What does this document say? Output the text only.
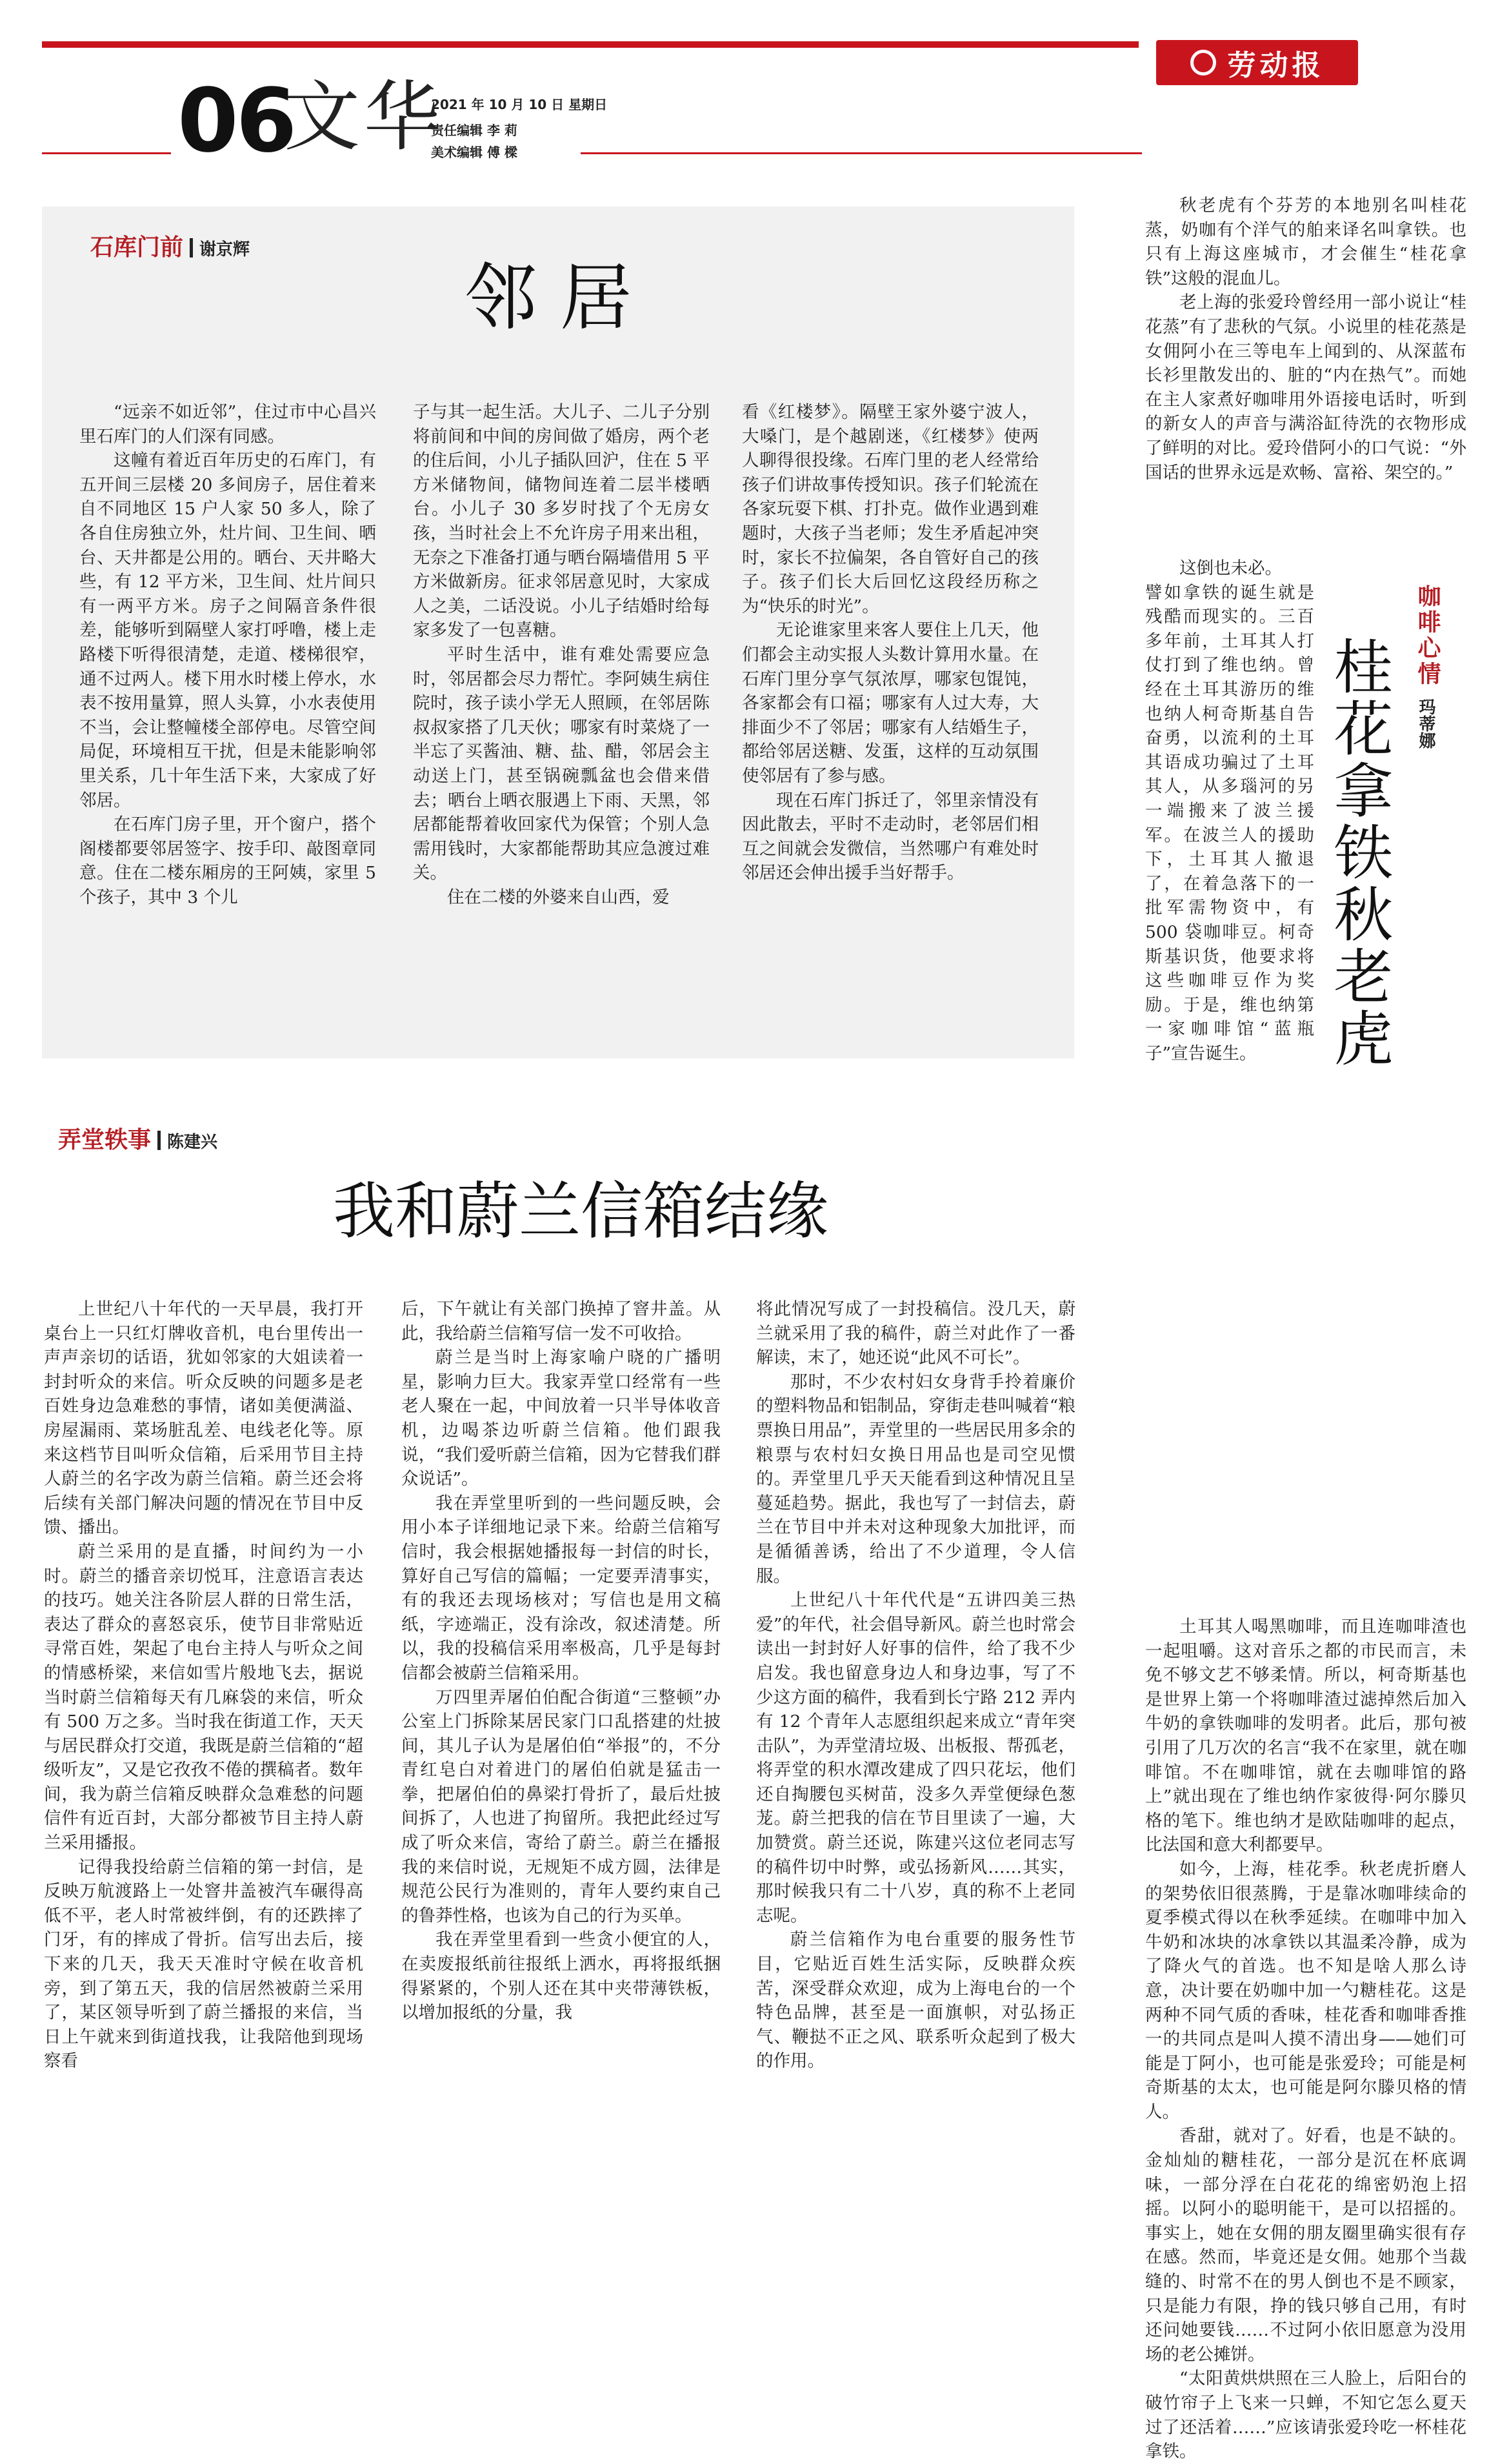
劳动报
06
文华
2021 年 10 月 10 日 星期日
责任编辑 李 莉
美术编辑 傅 樑
石库门前 谢京辉
邻 居

“远亲不如近邻”，住过市中心昌兴里石库门的人们深有同感。

这幢有着近百年历史的石库门，有五开间三层楼 20 多间房子，居住着来自不同地区 15 户人家 50 多人，除了各自住房独立外，灶片间、卫生间、晒台、天井都是公用的。晒台、天井略大些，有 12 平方米，卫生间、灶片间只有一两平方米。房子之间隔音条件很差，能够听到隔壁人家打呼噜，楼上走路楼下听得很清楚，走道、楼梯很窄，通不过两人。楼下用水时楼上停水，水表不按用量算，照人头算，小水表使用不当，会让整幢楼全部停电。尽管空间局促，环境相互干扰，但是未能影响邻里关系，几十年生活下来，大家成了好邻居。

在石库门房子里，开个窗户，搭个阁楼都要邻居签字、按手印、敲图章同意。住在二楼东厢房的王阿姨，家里 5 个孩子，其中 3 个儿

子与其一起生活。大儿子、二儿子分别将前间和中间的房间做了婚房，两个老的住后间，小儿子插队回沪，住在 5 平方米储物间，储物间连着二层半楼晒台。小儿子 30 多岁时找了个无房女孩，当时社会上不允许房子用来出租，无奈之下准备打通与晒台隔墙借用 5 平方米做新房。征求邻居意见时，大家成人之美，二话没说。小儿子结婚时给每家多发了一包喜糖。

平时生活中，谁有难处需要应急时，邻居都会尽力帮忙。李阿姨生病住院时，孩子读小学无人照顾，在邻居陈叔叔家搭了几天伙；哪家有时菜烧了一半忘了买酱油、糖、盐、醋，邻居会主动送上门，甚至锅碗瓢盆也会借来借去；晒台上晒衣服遇上下雨、天黑，邻居都能帮着收回家代为保管；个别人急需用钱时，大家都能帮助其应急渡过难关。

住在二楼的外婆来自山西，爱

看《红楼梦》。隔壁王家外婆宁波人，大嗓门，是个越剧迷，《红楼梦》使两人聊得很投缘。石库门里的老人经常给孩子们讲故事传授知识。孩子们轮流在各家玩耍下棋、打扑克。做作业遇到难题时，大孩子当老师；发生矛盾起冲突时，家长不拉偏架，各自管好自己的孩子。孩子们长大后回忆这段经历称之为“快乐的时光”。

无论谁家里来客人要住上几天，他们都会主动实报人头数计算用水量。在石库门里分享气氛浓厚，哪家包馄饨，各家都会有口福；哪家有人过大寿，大排面少不了邻居；哪家有人结婚生子，都给邻居送糖、发蛋，这样的互动氛围使邻居有了参与感。

现在石库门拆迁了，邻里亲情没有因此散去，平时不走动时，老邻居们相互之间就会发微信，当然哪户有难处时邻居还会伸出援手当好帮手。

弄堂轶事 陈建兴
我和蔚兰信箱结缘

上世纪八十年代的一天早晨，我打开桌台上一只红灯牌收音机，电台里传出一声声亲切的话语，犹如邻家的大姐读着一封封听众的来信。听众反映的问题多是老百姓身边急难愁的事情，诸如美便满溢、房屋漏雨、菜场脏乱差、电线老化等。原来这档节目叫听众信箱，后采用节目主持人蔚兰的名字改为蔚兰信箱。蔚兰还会将后续有关部门解决问题的情况在节目中反馈、播出。

蔚兰采用的是直播，时间约为一小时。蔚兰的播音亲切悦耳，注意语言表达的技巧。她关注各阶层人群的日常生活，表达了群众的喜怒哀乐，使节目非常贴近寻常百姓，架起了电台主持人与听众之间的情感桥梁，来信如雪片般地飞去，据说当时蔚兰信箱每天有几麻袋的来信，听众有 500 万之多。当时我在街道工作，天天与居民群众打交道，我既是蔚兰信箱的“超级听友”，又是它孜孜不倦的撰稿者。数年间，我为蔚兰信箱反映群众急难愁的问题信件有近百封，大部分都被节目主持人蔚兰采用播报。

记得我投给蔚兰信箱的第一封信，是反映万航渡路上一处窨井盖被汽车碾得高低不平，老人时常被绊倒，有的还跌摔了门牙，有的摔成了骨折。信写出去后，接下来的几天，我天天准时守候在收音机旁，到了第五天，我的信居然被蔚兰采用了，某区领导听到了蔚兰播报的来信，当日上午就来到街道找我，让我陪他到现场察看

后，下午就让有关部门换掉了窨井盖。从此，我给蔚兰信箱写信一发不可收拾。

蔚兰是当时上海家喻户晓的广播明星，影响力巨大。我家弄堂口经常有一些老人聚在一起，中间放着一只半导体收音机，边喝茶边听蔚兰信箱。他们跟我说，“我们爱听蔚兰信箱，因为它替我们群众说话”。

我在弄堂里听到的一些问题反映，会用小本子详细地记录下来。给蔚兰信箱写信时，我会根据她播报每一封信的时长，算好自己写信的篇幅；一定要弄清事实，有的我还去现场核对；写信也是用文稿纸，字迹端正，没有涂改，叙述清楚。所以，我的投稿信采用率极高，几乎是每封信都会被蔚兰信箱采用。

万四里弄屠伯伯配合街道“三整顿”办公室上门拆除某居民家门口乱搭建的灶披间，其儿子认为是屠伯伯“举报”的，不分青红皂白对着进门的屠伯伯就是猛击一拳，把屠伯伯的鼻梁打骨折了，最后灶披间拆了，人也进了拘留所。我把此经过写成了听众来信，寄给了蔚兰。蔚兰在播报我的来信时说，无规矩不成方圆，法律是规范公民行为准则的，青年人要约束自己的鲁莽性格，也该为自己的行为买单。

我在弄堂里看到一些贪小便宜的人，在卖废报纸前往报纸上洒水，再将报纸捆得紧紧的，个别人还在其中夹带薄铁板，以增加报纸的分量，我

将此情况写成了一封投稿信。没几天，蔚兰就采用了我的稿件，蔚兰对此作了一番解读，末了，她还说“此风不可长”。

那时，不少农村妇女身背手拎着廉价的塑料物品和铝制品，穿街走巷叫喊着“粮票换日用品”，弄堂里的一些居民用多余的粮票与农村妇女换日用品也是司空见惯的。弄堂里几乎天天能看到这种情况且呈蔓延趋势。据此，我也写了一封信去，蔚兰在节目中并未对这种现象大加批评，而是循循善诱，给出了不少道理，令人信服。

上世纪八十年代代是“五讲四美三热爱”的年代，社会倡导新风。蔚兰也时常会读出一封封好人好事的信件，给了我不少启发。我也留意身边人和身边事，写了不少这方面的稿件，我看到长宁路 212 弄内有 12 个青年人志愿组织起来成立“青年突击队”，为弄堂清垃圾、出板报、帮孤老，将弄堂的积水潭改建成了四只花坛，他们还自掏腰包买树苗，没多久弄堂便绿色葱茏。蔚兰把我的信在节目里读了一遍，大加赞赏。蔚兰还说，陈建兴这位老同志写的稿件切中时弊，或弘扬新风……其实，那时候我只有二十八岁，真的称不上老同志呢。

蔚兰信箱作为电台重要的服务性节目，它贴近百姓生活实际，反映群众疾苦，深受群众欢迎，成为上海电台的一个特色品牌，甚至是一面旗帜，对弘扬正气、鞭挞不正之风、联系听众起到了极大的作用。

秋老虎有个芬芳的本地别名叫桂花蒸，奶咖有个洋气的舶来译名叫拿铁。也只有上海这座城市，才会催生“桂花拿铁”这般的混血儿。

老上海的张爱玲曾经用一部小说让“桂花蒸”有了悲秋的气氛。小说里的桂花蒸是女佣阿小在三等电车上闻到的、从深蓝布长衫里散发出的、脏的“内在热气”。而她在主人家煮好咖啡用外语接电话时，听到的新女人的声音与满浴缸待洗的衣物形成了鲜明的对比。爱玲借阿小的口气说：“外国话的世界永远是欢畅、富裕、架空的。”

这倒也未必。

譬如拿铁的诞生就是残酷而现实的。三百多年前，土耳其人打仗打到了维也纳。曾经在土耳其游历的维也纳人柯奇斯基自告奋勇，以流利的土耳其语成功骗过了土耳其人，从多瑙河的另一端搬来了波兰援军。在波兰人的援助下，土耳其人撤退了，在着急落下的一批军需物资中，有 500 袋咖啡豆。柯奇斯基识货，他要求将这些咖啡豆作为奖励。于是，维也纳第一家咖啡馆“蓝瓶子”宣告诞生。

咖啡心情
玛蒂娜
桂花拿铁秋老虎

土耳其人喝黑咖啡，而且连咖啡渣也一起咀嚼。这对音乐之都的市民而言，未免不够文艺不够柔情。所以，柯奇斯基也是世界上第一个将咖啡渣过滤掉然后加入牛奶的拿铁咖啡的发明者。此后，那句被引用了几万次的名言“我不在家里，就在咖啡馆。不在咖啡馆，就在去咖啡馆的路上”就出现在了维也纳作家彼得·阿尔滕贝格的笔下。维也纳才是欧陆咖啡的起点，比法国和意大利都要早。

如今，上海，桂花季。秋老虎折磨人的架势依旧很蒸腾，于是靠冰咖啡续命的夏季模式得以在秋季延续。在咖啡中加入牛奶和冰块的冰拿铁以其温柔冷静，成为了降火气的首选。也不知是啥人那么诗意，决计要在奶咖中加一勺糖桂花。这是两种不同气质的香味，桂花香和咖啡香推一的共同点是叫人摸不清出身——她们可能是丁阿小，也可能是张爱玲；可能是柯奇斯基的太太，也可能是阿尔滕贝格的情人。

香甜，就对了。好看，也是不缺的。金灿灿的糖桂花，一部分是沉在杯底调味，一部分浮在白花花的绵密奶泡上招摇。以阿小的聪明能干，是可以招摇的。事实上，她在女佣的朋友圈里确实很有存在感。然而，毕竟还是女佣。她那个当裁缝的、时常不在的男人倒也不是不顾家，只是能力有限，挣的钱只够自己用，有时还问她要钱……不过阿小依旧愿意为没用场的老公摊饼。

“太阳黄烘烘照在三人脸上，后阳台的破竹帘子上飞来一只蝉，不知它怎么夏天过了还活着……”应该请张爱玲吃一杯桂花拿铁。
